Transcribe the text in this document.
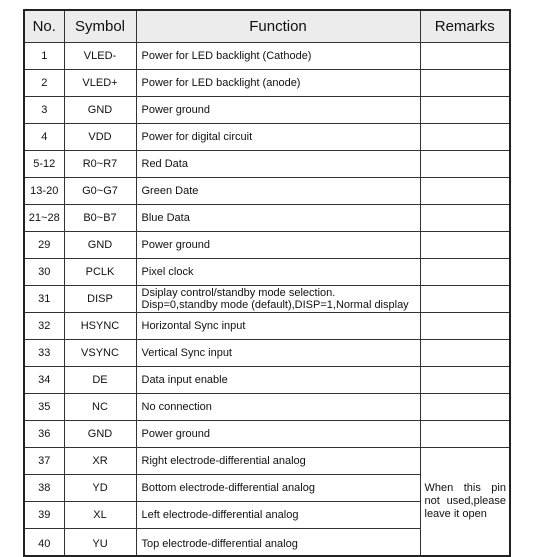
No.	Symbol	Function	Remarks
1	VLED-	Power for LED backlight (Cathode)	
2	VLED+	Power for LED backlight (anode)	
3	GND	Power ground	
4	VDD	Power for digital circuit	
5-12	R0~R7	Red Data	
13-20	G0~G7	Green Date	
21~28	B0~B7	Blue Data	
29	GND	Power ground	
30	PCLK	Pixel clock	
31	DISP	Dsiplay control/standby mode selection.
Disp=0,standby mode (default),DISP=1,Normal display	

32	HSYNC	Horizontal Sync input	
33	VSYNC	Vertical Sync input	
34	DE	Data input enable	
35	NC	No connection	
36	GND	Power ground	
37	XR	Right electrode-differential analog	When this pin not used,please leave it open
38	YD	Bottom electrode-differential analog	
39	XL	Left electrode-differential analog	

40	YU	Top electrode-differential analog	
